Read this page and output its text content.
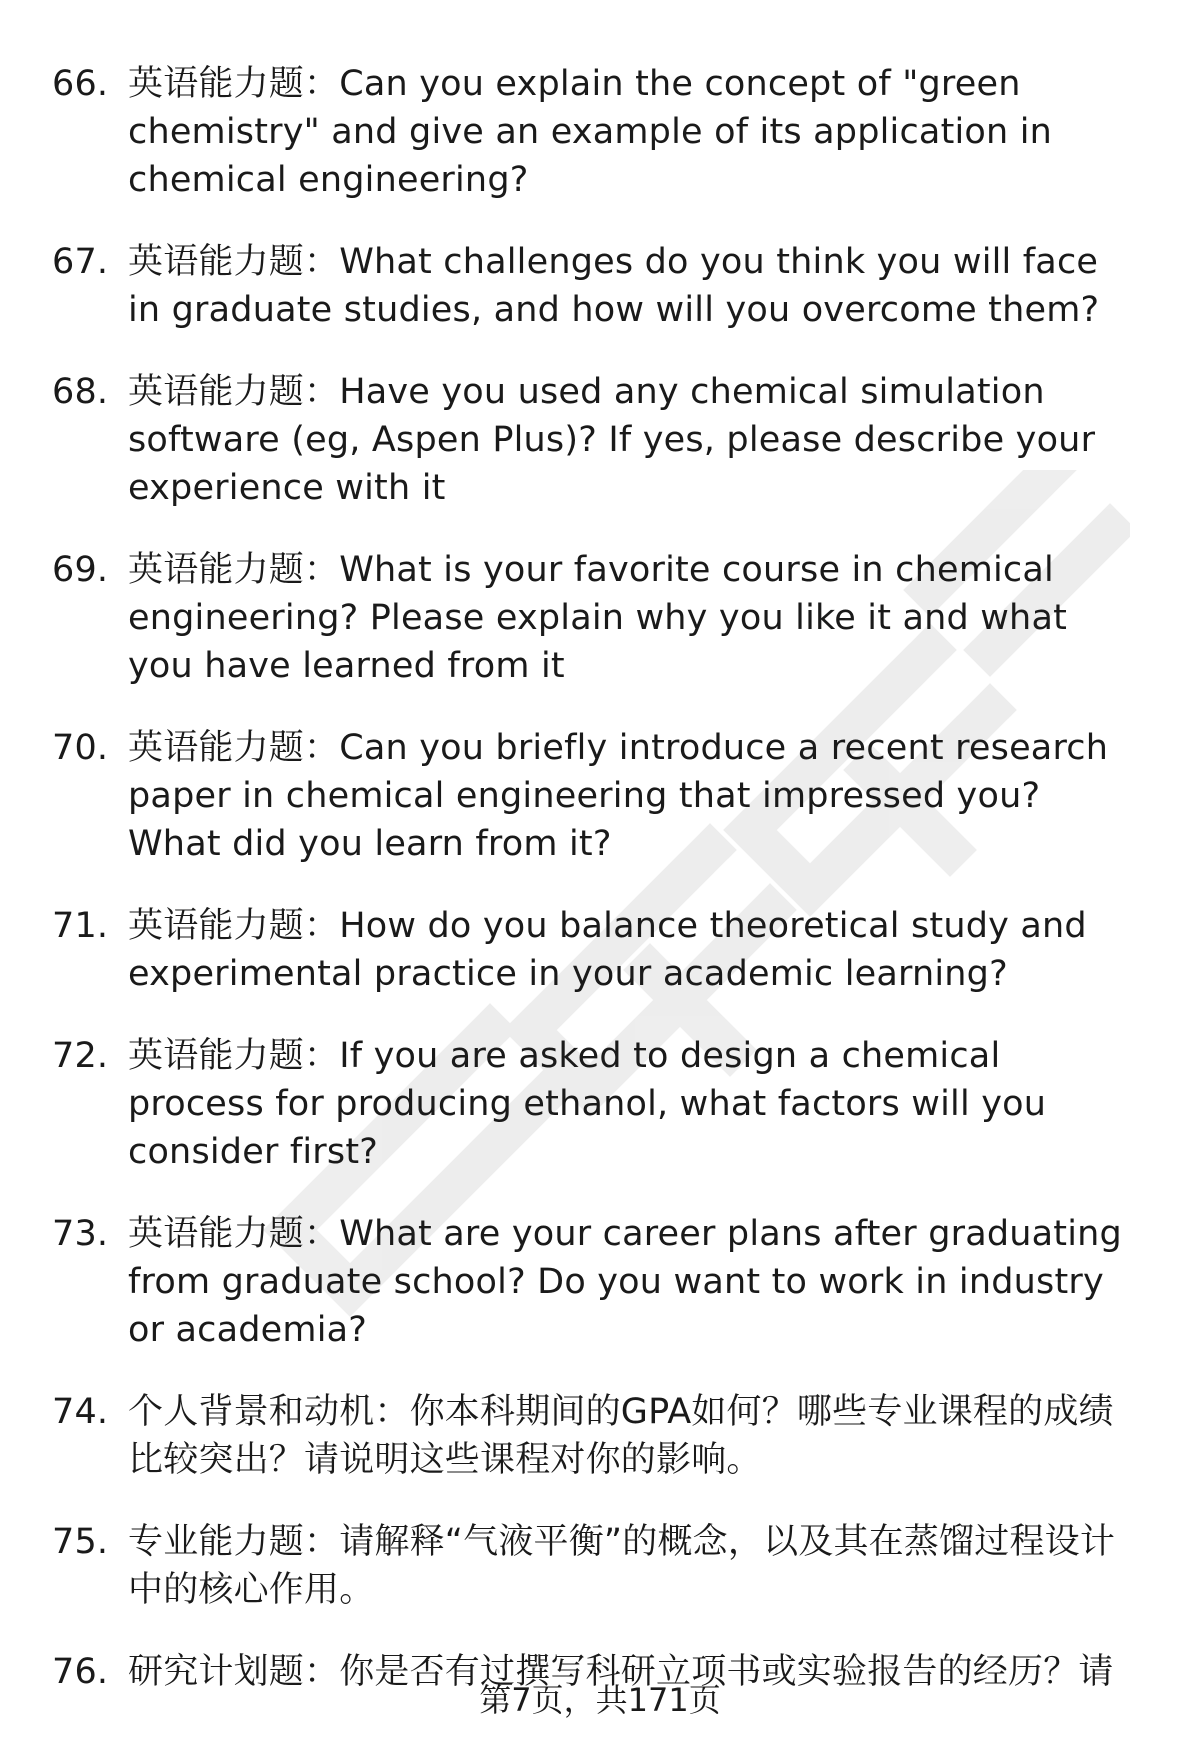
66. 英语能力题：Can you explain the concept of "green chemistry" and give an example of its application in chemical engineering?
67. 英语能力题：What challenges do you think you will face in graduate studies, and how will you overcome them?
68. 英语能力题：Have you used any chemical simulation software (eg, Aspen Plus)? If yes, please describe your experience with it
69. 英语能力题：What is your favorite course in chemical engineering? Please explain why you like it and what you have learned from it
70. 英语能力题：Can you briefly introduce a recent research paper in chemical engineering that impressed you? What did you learn from it?
71. 英语能力题：How do you balance theoretical study and experimental practice in your academic learning?
72. 英语能力题：If you are asked to design a chemical process for producing ethanol, what factors will you consider first?
73. 英语能力题：What are your career plans after graduating from graduate school? Do you want to work in industry or academia?
74. 个人背景和动机：你本科期间的GPA如何？哪些专业课程的成绩比较突出？请说明这些课程对你的影响。
75. 专业能力题：请解释“气液平衡”的概念，以及其在蒸馏过程设计中的核心作用。
76. 研究计划题：你是否有过撰写科研立项书或实验报告的经历？请
第7页，共171页
